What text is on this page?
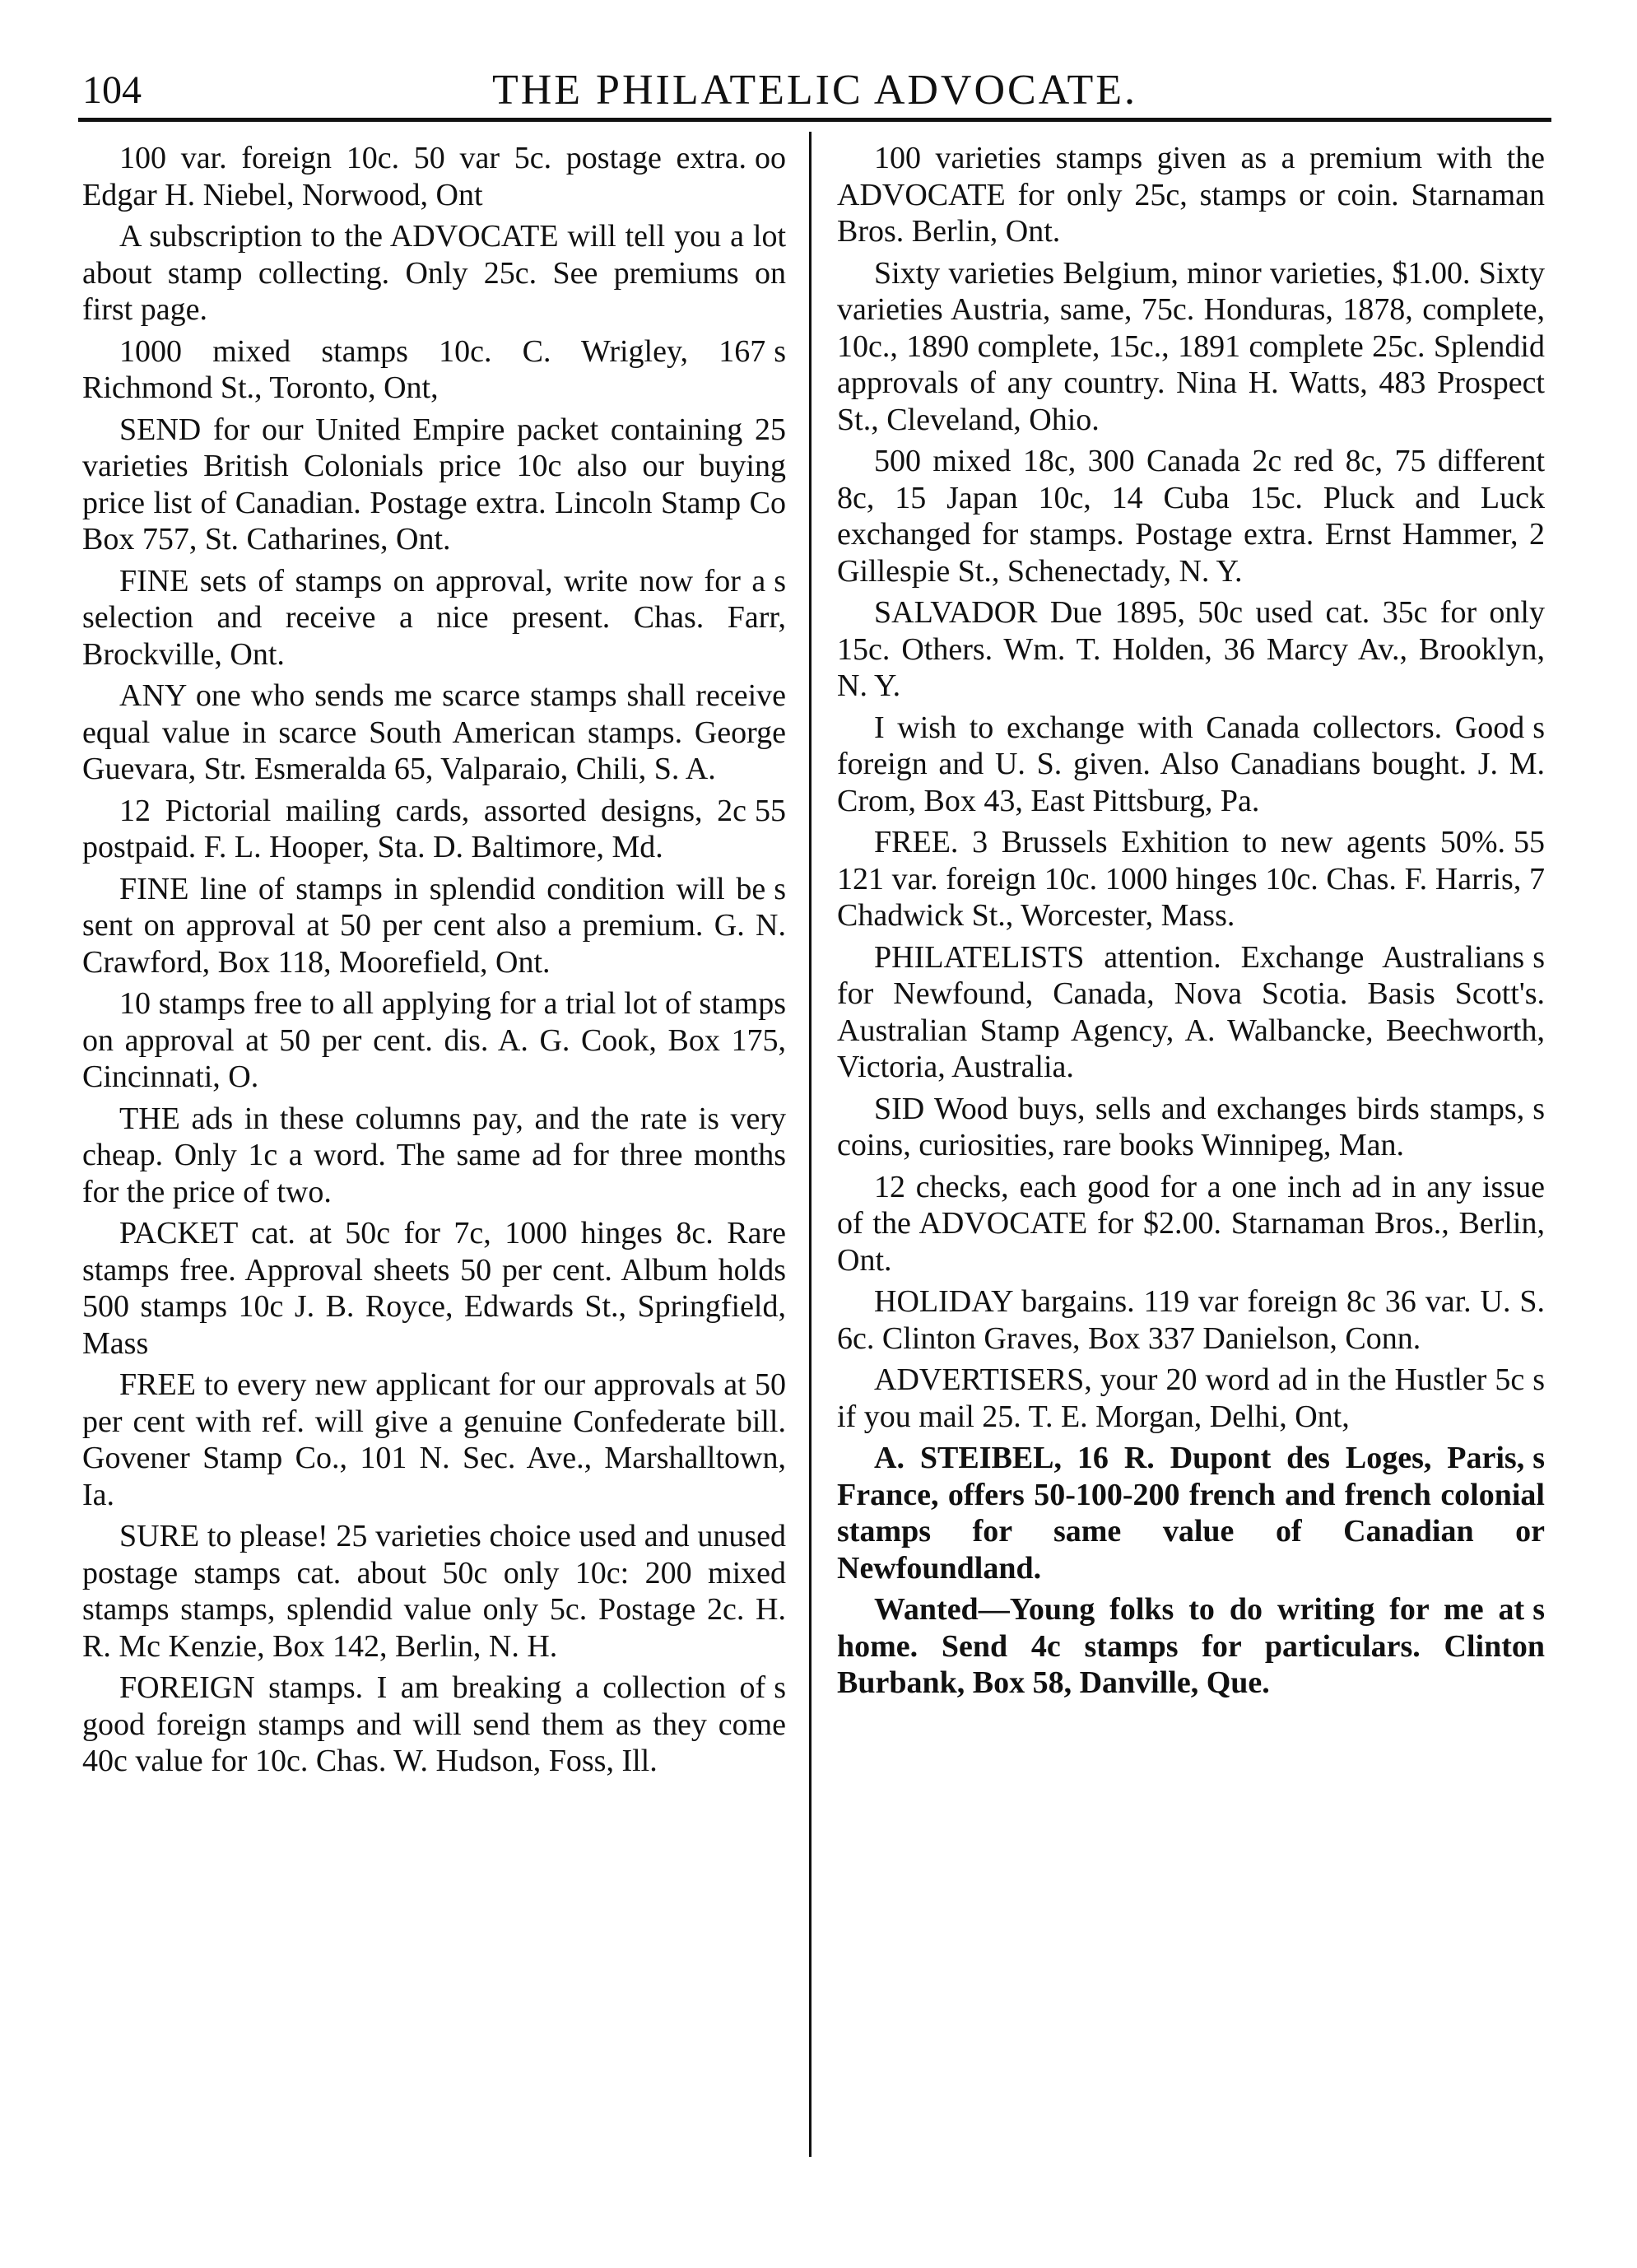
104	THE PHILATELIC ADVOCATE.

oo
100 var. foreign 10c. 50 var 5c. postage extra. Edgar H. Niebel, Norwood, Ont

A subscription to the ADVOCATE will tell you a lot about stamp collecting. Only 25c. See premiums on first page.

s
1000 mixed stamps 10c. C. Wrigley, 167 Richmond St., Toronto, Ont,

SEND for our United Empire packet containing 25 varieties British Colonials price 10c also our buying price list of Canadian. Postage extra. Lincoln Stamp Co Box 757, St. Catharines, Ont.

s
FINE sets of stamps on approval, write now for a selection and receive a nice present. Chas. Farr, Brockville, Ont.

ANY one who sends me scarce stamps shall receive equal value in scarce South American stamps. George Guevara, Str. Esmeralda 65, Valparaio, Chili, S. A.

55
12 Pictorial mailing cards, assorted designs, 2c postpaid. F. L. Hooper, Sta. D. Baltimore, Md.

s
FINE line of stamps in splendid condition will be sent on approval at 50 per cent also a premium. G. N. Crawford, Box 118, Moorefield, Ont.

10 stamps free to all applying for a trial lot of stamps on approval at 50 per cent. dis. A. G. Cook, Box 175, Cincinnati, O.

THE ads in these columns pay, and the rate is very cheap. Only 1c a word. The same ad for three months for the price of two.

PACKET cat. at 50c for 7c, 1000 hinges 8c. Rare stamps free. Approval sheets 50 per cent. Album holds 500 stamps 10c J. B. Royce, Edwards St., Springfield, Mass

FREE to every new applicant for our approvals at 50 per cent with ref. will give a genuine Confederate bill. Govener Stamp Co., 101 N. Sec. Ave., Marshalltown, Ia.

SURE to please! 25 varieties choice used and unused postage stamps cat. about 50c only 10c: 200 mixed stamps stamps, splendid value only 5c. Postage 2c. H. R. Mc Kenzie, Box 142, Berlin, N. H.

s
FOREIGN stamps. I am breaking a collection of good foreign stamps and will send them as they come 40c value for 10c. Chas. W. Hudson, Foss, Ill.

100 varieties stamps given as a premium with the ADVOCATE for only 25c, stamps or coin. Starnaman Bros. Berlin, Ont.

Sixty varieties Belgium, minor varieties, $1.00. Sixty varieties Austria, same, 75c. Honduras, 1878, complete, 10c., 1890 complete, 15c., 1891 complete 25c. Splendid approvals of any country. Nina H. Watts, 483 Prospect St., Cleveland, Ohio.

500 mixed 18c, 300 Canada 2c red 8c, 75 different 8c, 15 Japan 10c, 14 Cuba 15c. Pluck and Luck exchanged for stamps. Postage extra. Ernst Hammer, 2 Gillespie St., Schenectady, N. Y.

SALVADOR Due 1895, 50c used cat. 35c for only 15c. Others. Wm. T. Holden, 36 Marcy Av., Brooklyn, N. Y.

s
I wish to exchange with Canada collectors. Good foreign and U. S. given. Also Canadians bought. J. M. Crom, Box 43, East Pittsburg, Pa.

55
FREE. 3 Brussels Exhition to new agents 50%. 121 var. foreign 10c. 1000 hinges 10c. Chas. F. Harris, 7 Chadwick St., Worcester, Mass.

s
PHILATELISTS attention. Exchange Australians for Newfound, Canada, Nova Scotia. Basis Scott's. Australian Stamp Agency, A. Walbancke, Beechworth, Victoria, Australia.

s
SID Wood buys, sells and exchanges birds stamps, coins, curiosities, rare books Winnipeg, Man.

12 checks, each good for a one inch ad in any issue of the ADVOCATE for $2.00. Starnaman Bros., Berlin, Ont.

HOLIDAY bargains. 119 var foreign 8c 36 var. U. S. 6c. Clinton Graves, Box 337 Danielson, Conn.

s
ADVERTISERS, your 20 word ad in the Hustler 5c if you mail 25. T. E. Morgan, Delhi, Ont,

s
A. STEIBEL, 16 R. Dupont des Loges, Paris, France, offers 50-100-200 french and french colonial stamps for same value of Canadian or Newfoundland.

s
Wanted—Young folks to do writing for me at home. Send 4c stamps for particulars. Clinton Burbank, Box 58, Danville, Que.
